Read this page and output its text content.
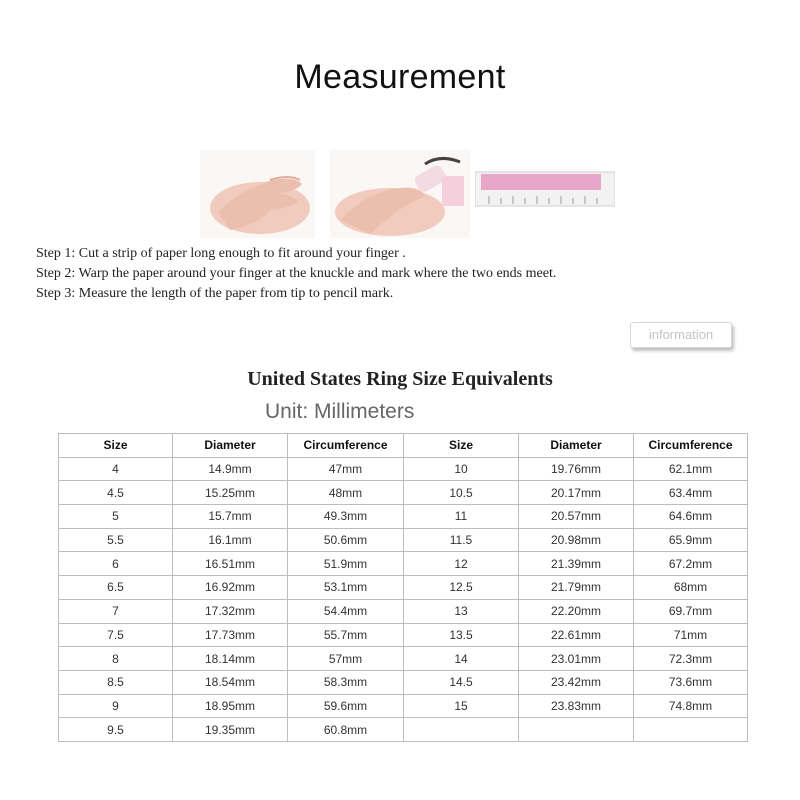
Measurement
Step 1: Cut a strip of paper long enough to fit around your finger .
Step 2: Warp the paper around your finger at the knuckle and mark where the two ends meet.
Step 3: Measure the length of the paper from tip to pencil mark.
information
United States Ring Size Equivalents
Unit: Millimeters
Size	Diameter	Circumference	Size	Diameter	Circumference
4	14.9mm	47mm	10	19.76mm	62.1mm
4.5	15.25mm	48mm	10.5	20.17mm	63.4mm
5	15.7mm	49.3mm	11	20.57mm	64.6mm
5.5	16.1mm	50.6mm	11.5	20.98mm	65.9mm
6	16.51mm	51.9mm	12	21.39mm	67.2mm
6.5	16.92mm	53.1mm	12.5	21.79mm	68mm
7	17.32mm	54.4mm	13	22.20mm	69.7mm
7.5	17.73mm	55.7mm	13.5	22.61mm	71mm
8	18.14mm	57mm	14	23.01mm	72.3mm
8.5	18.54mm	58.3mm	14.5	23.42mm	73.6mm
9	18.95mm	59.6mm	15	23.83mm	74.8mm
9.5	19.35mm	60.8mm			
